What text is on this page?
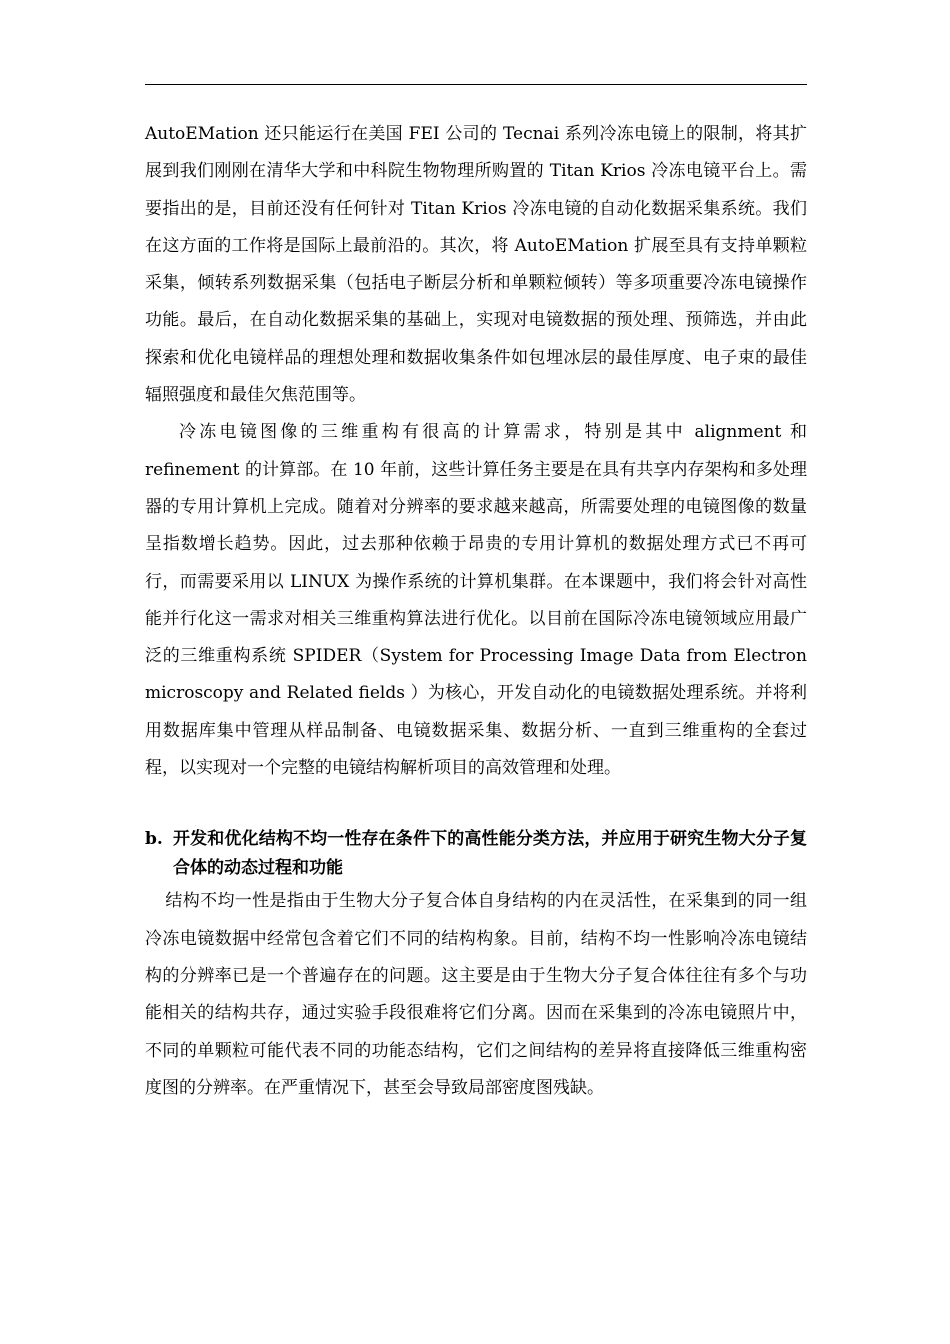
AutoEMation 还只能运行在美国 FEI 公司的 Tecnai 系列冷冻电镜上的限制，将其扩展到我们刚刚在清华大学和中科院生物物理所购置的 Titan Krios 冷冻电镜平台上。需要指出的是，目前还没有任何针对 Titan Krios 冷冻电镜的自动化数据采集系统。我们在这方面的工作将是国际上最前沿的。其次，将 AutoEMation 扩展至具有支持单颗粒采集，倾转系列数据采集（包括电子断层分析和单颗粒倾转）等多项重要冷冻电镜操作功能。最后，在自动化数据采集的基础上，实现对电镜数据的预处理、预筛选，并由此探索和优化电镜样品的理想处理和数据收集条件如包埋冰层的最佳厚度、电子束的最佳辐照强度和最佳欠焦范围等。

冷冻电镜图像的三维重构有很高的计算需求，特别是其中 alignment 和 refinement 的计算部。在 10 年前，这些计算任务主要是在具有共享内存架构和多处理器的专用计算机上完成。随着对分辨率的要求越来越高，所需要处理的电镜图像的数量呈指数增长趋势。因此，过去那种依赖于昂贵的专用计算机的数据处理方式已不再可行，而需要采用以 LINUX 为操作系统的计算机集群。在本课题中，我们将会针对高性能并行化这一需求对相关三维重构算法进行优化。以目前在国际冷冻电镜领域应用最广泛的三维重构系统 SPIDER（System for Processing Image Data from Electron microscopy and Related fields ）为核心，开发自动化的电镜数据处理系统。并将利用数据库集中管理从样品制备、电镜数据采集、数据分析、一直到三维重构的全套过程，以实现对一个完整的电镜结构解析项目的高效管理和处理。

b. 开发和优化结构不均一性存在条件下的高性能分类方法，并应用于研究生物大分子复合体的动态过程和功能

结构不均一性是指由于生物大分子复合体自身结构的内在灵活性，在采集到的同一组冷冻电镜数据中经常包含着它们不同的结构构象。目前，结构不均一性影响冷冻电镜结构的分辨率已是一个普遍存在的问题。这主要是由于生物大分子复合体往往有多个与功能相关的结构共存，通过实验手段很难将它们分离。因而在采集到的冷冻电镜照片中，不同的单颗粒可能代表不同的功能态结构，它们之间结构的差异将直接降低三维重构密度图的分辨率。在严重情况下，甚至会导致局部密度图残缺。
